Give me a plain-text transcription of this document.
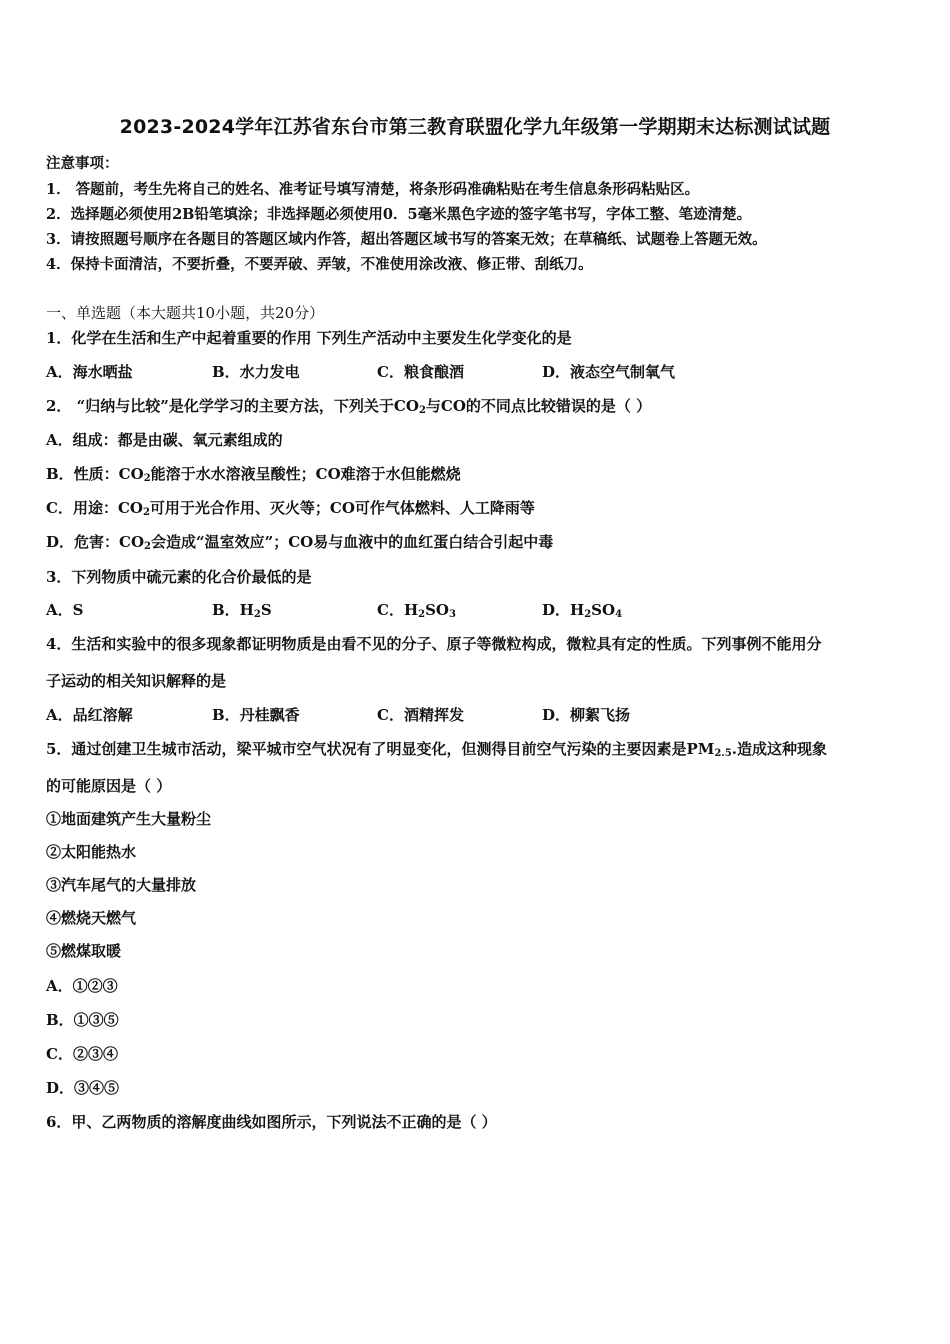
2023-2024学年江苏省东台市第三教育联盟化学九年级第一学期期末达标测试试题
注意事项：
1． 答题前，考生先将自己的姓名、准考证号填写清楚，将条形码准确粘贴在考生信息条形码粘贴区。
2．选择题必须使用2B铅笔填涂；非选择题必须使用0．5毫米黑色字迹的签字笔书写，字体工整、笔迹清楚。
3．请按照题号顺序在各题目的答题区域内作答，超出答题区域书写的答案无效；在草稿纸、试题卷上答题无效。
4．保持卡面清洁，不要折叠，不要弄破、弄皱，不准使用涂改液、修正带、刮纸刀。
一、单选题（本大题共10小题，共20分）
1．化学在生活和生产中起着重要的作用 下列生产活动中主要发生化学变化的是
A．海水晒盐	B．水力发电	C．粮食酿酒	D．液态空气制氧气
2． “归纳与比较”是化学学习的主要方法，下列关于$CO_2$与CO的不同点比较错误的是（ ）
A．组成：都是由碳、氧元素组成的
B．性质：$CO_2$能溶于水水溶液呈酸性；CO难溶于水但能燃烧
C．用途：$CO_2$可用于光合作用、灭火等；CO可作气体燃料、人工降雨等
D．危害：$CO_2$会造成“温室效应”；CO易与血液中的血红蛋白结合引起中毒
3．下列物质中硫元素的化合价最低的是
A．S	B．$H_2S$	C．$H_2SO_3$	D．$H_2SO_4$
4．生活和实验中的很多现象都证明物质是由看不见的分子、原子等微粒构成，微粒具有定的性质。下列事例不能用分
子运动的相关知识解释的是
A．品红溶解	B．丹桂飘香	C．酒精挥发	D．柳絮飞扬
5．通过创建卫生城市活动，梁平城市空气状况有了明显变化，但测得目前空气污染的主要因素是$PM_{2.5}$.造成这种现象
的可能原因是（ ）
①地面建筑产生大量粉尘
②太阳能热水
③汽车尾气的大量排放
④燃烧天燃气
⑤燃煤取暖
A．①②③
B．①③⑤
C．②③④
D．③④⑤
6．甲、乙两物质的溶解度曲线如图所示，下列说法不正确的是（ ）
